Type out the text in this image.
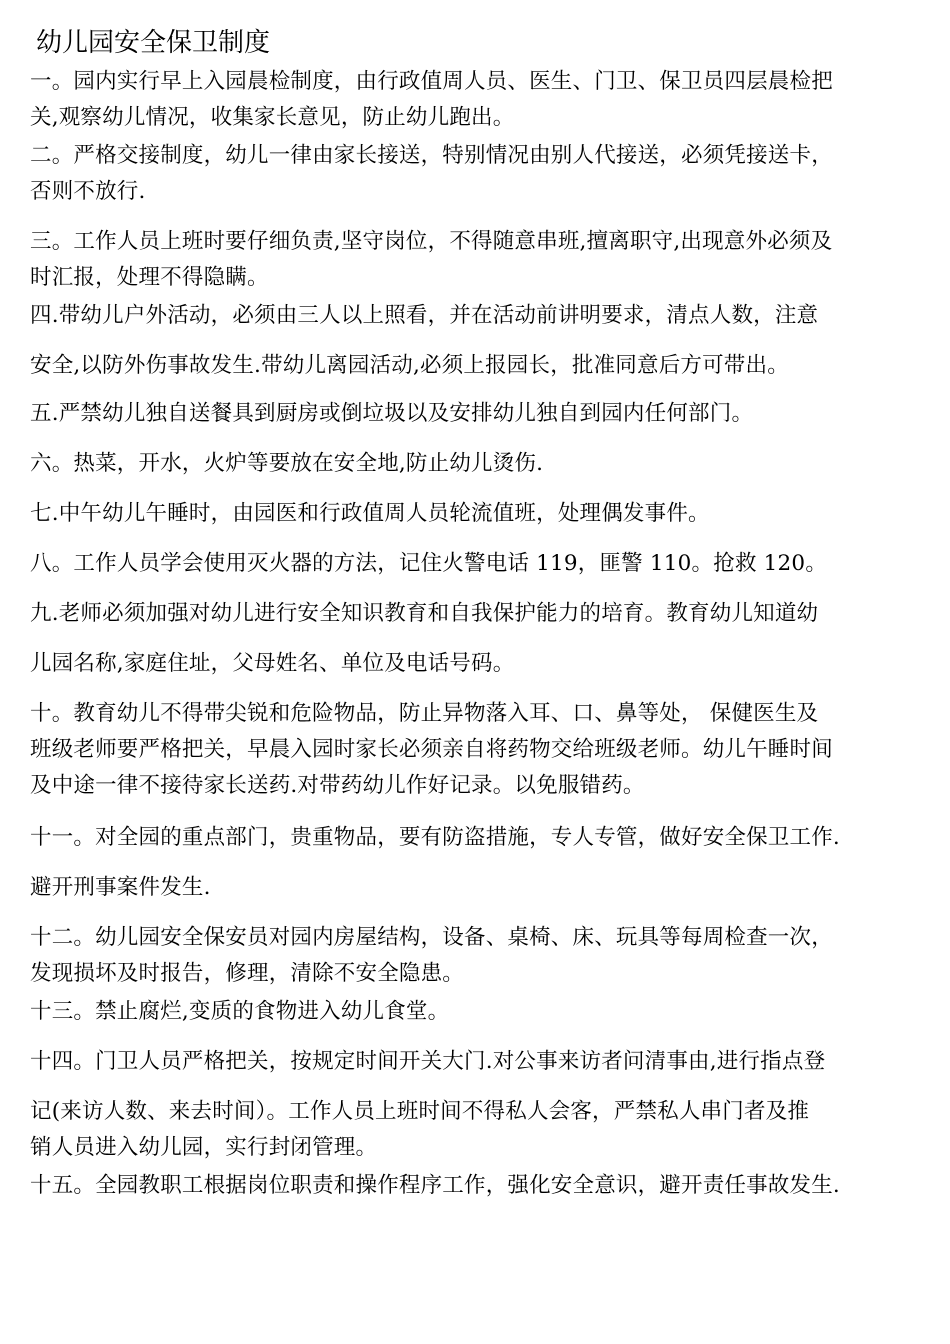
幼儿园安全保卫制度

一。园内实行早上入园晨检制度，由行政值周人员、医生、门卫、保卫员四层晨检把
关,观察幼儿情况，收集家长意见，防止幼儿跑出。

二。严格交接制度，幼儿一律由家长接送，特别情况由别人代接送，必须凭接送卡，
否则不放行.

三。工作人员上班时要仔细负责,坚守岗位，不得随意串班,擅离职守,出现意外必须及
时汇报，处理不得隐瞒。

四.带幼儿户外活动，必须由三人以上照看，并在活动前讲明要求，清点人数，注意
安全,以防外伤事故发生.带幼儿离园活动,必须上报园长，批准同意后方可带出。

五.严禁幼儿独自送餐具到厨房或倒垃圾以及安排幼儿独自到园内任何部门。

六。热菜，开水，火炉等要放在安全地,防止幼儿烫伤.

七.中午幼儿午睡时，由园医和行政值周人员轮流值班，处理偶发事件。

八。工作人员学会使用灭火器的方法，记住火警电话 119，匪警 110。抢救 120。

九.老师必须加强对幼儿进行安全知识教育和自我保护能力的培育。教育幼儿知道幼
儿园名称,家庭住址，父母姓名、单位及电话号码。

十。教育幼儿不得带尖锐和危险物品，防止异物落入耳、口、鼻等处， 保健医生及
班级老师要严格把关，早晨入园时家长必须亲自将药物交给班级老师。幼儿午睡时间
及中途一律不接待家长送药.对带药幼儿作好记录。以免服错药。

十一。对全园的重点部门，贵重物品，要有防盗措施，专人专管，做好安全保卫工作.
避开刑事案件发生.

十二。幼儿园安全保安员对园内房屋结构，设备、桌椅、床、玩具等每周检查一次，
发现损坏及时报告，修理，清除不安全隐患。

十三。禁止腐烂,变质的食物进入幼儿食堂。

十四。门卫人员严格把关，按规定时间开关大门.对公事来访者问清事由,进行指点登
记(来访人数、来去时间）。工作人员上班时间不得私人会客，严禁私人串门者及推
销人员进入幼儿园，实行封闭管理。

十五。全园教职工根据岗位职责和操作程序工作，强化安全意识，避开责任事故发生.
